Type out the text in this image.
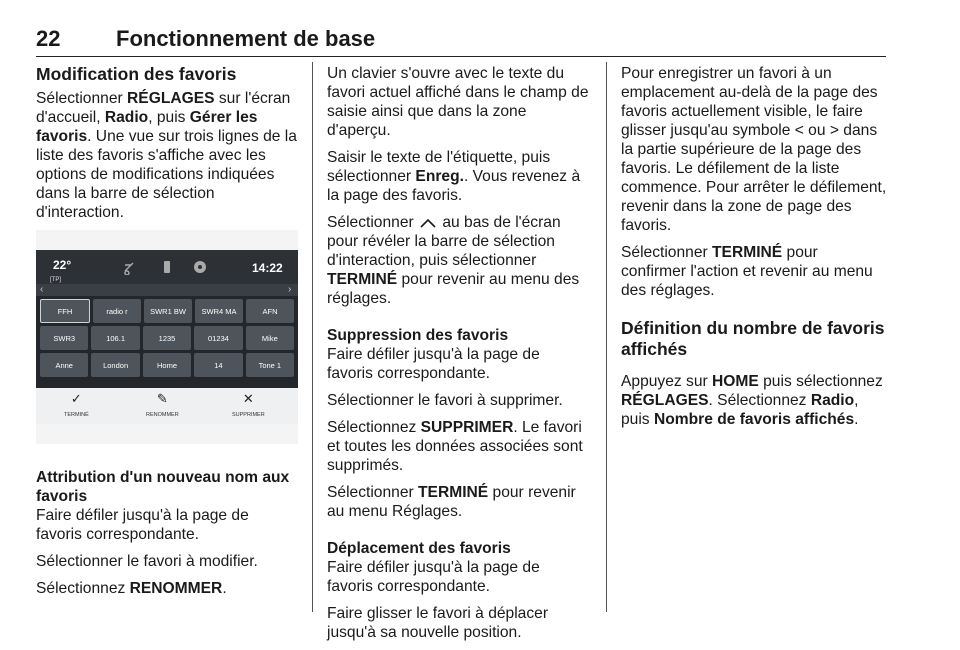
22	Fonctionnement de base
Modification des favoris

Sélectionner RÉGLAGES sur l'écran d'accueil, Radio, puis Gérer les favoris. Une vue sur trois lignes de la liste des favoris s'affiche avec les options de modifications indiquées dans la barre de sélection d'interaction.

22°
[TP]
14:22
‹	›
FFH	radio r	SWR1 BW	SWR4 MA	AFN
SWR3	106.1	1235	01234	Mike
Anne	London	Home	14	Tone 1
✓
TERMINÉ
✎
RENOMMER
✕
SUPPRIMER
Attribution d'un nouveau nom aux favoris

Faire défiler jusqu'à la page de favoris correspondante.

Sélectionner le favori à modifier.

Sélectionnez RENOMMER.

Un clavier s'ouvre avec le texte du favori actuel affiché dans le champ de saisie ainsi que dans la zone d'aperçu.

Saisir le texte de l'étiquette, puis sélectionner Enreg.. Vous revenez à la page des favoris.

Sélectionner  au bas de l'écran pour révéler la barre de sélection d'interaction, puis sélectionner TERMINÉ pour revenir au menu des réglages.

Suppression des favoris

Faire défiler jusqu'à la page de favoris correspondante.

Sélectionner le favori à supprimer.

Sélectionnez SUPPRIMER. Le favori et toutes les données associées sont supprimés.

Sélectionner TERMINÉ pour revenir au menu Réglages.

Déplacement des favoris

Faire défiler jusqu'à la page de favoris correspondante.

Faire glisser le favori à déplacer jusqu'à sa nouvelle position.

Pour enregistrer un favori à un emplacement au-delà de la page des favoris actuellement visible, le faire glisser jusqu'au symbole < ou > dans la partie supérieure de la page des favoris. Le défilement de la liste commence. Pour arrêter le défilement, revenir dans la zone de page des favoris.

Sélectionner TERMINÉ pour confirmer l'action et revenir au menu des réglages.

Définition du nombre de favoris affichés

Appuyez sur HOME puis sélectionnez RÉGLAGES. Sélectionnez Radio, puis Nombre de favoris affichés.
